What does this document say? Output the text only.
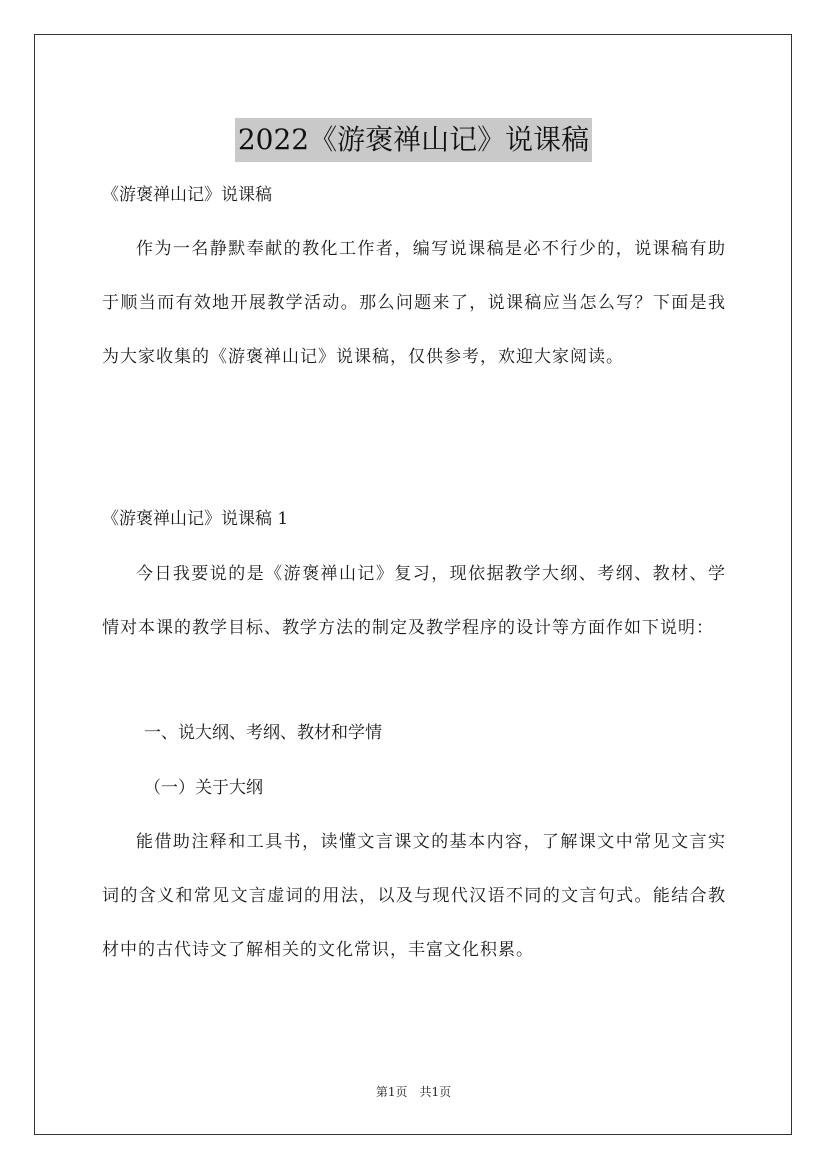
2022《游褒禅山记》说课稿

《游褒禅山记》说课稿

作为一名静默奉献的教化工作者，编写说课稿是必不行少的，说课稿有助于顺当而有效地开展教学活动。那么问题来了，说课稿应当怎么写？下面是我为大家收集的《游褒禅山记》说课稿，仅供参考，欢迎大家阅读。

《游褒禅山记》说课稿 1

今日我要说的是《游褒禅山记》复习，现依据教学大纲、考纲、教材、学情对本课的教学目标、教学方法的制定及教学程序的设计等方面作如下说明：

一、说大纲、考纲、教材和学情

（一）关于大纲

能借助注释和工具书，读懂文言课文的基本内容，了解课文中常见文言实词的含义和常见文言虚词的用法，以及与现代汉语不同的文言句式。能结合教材中的古代诗文了解相关的文化常识，丰富文化积累。

第1页 共1页
